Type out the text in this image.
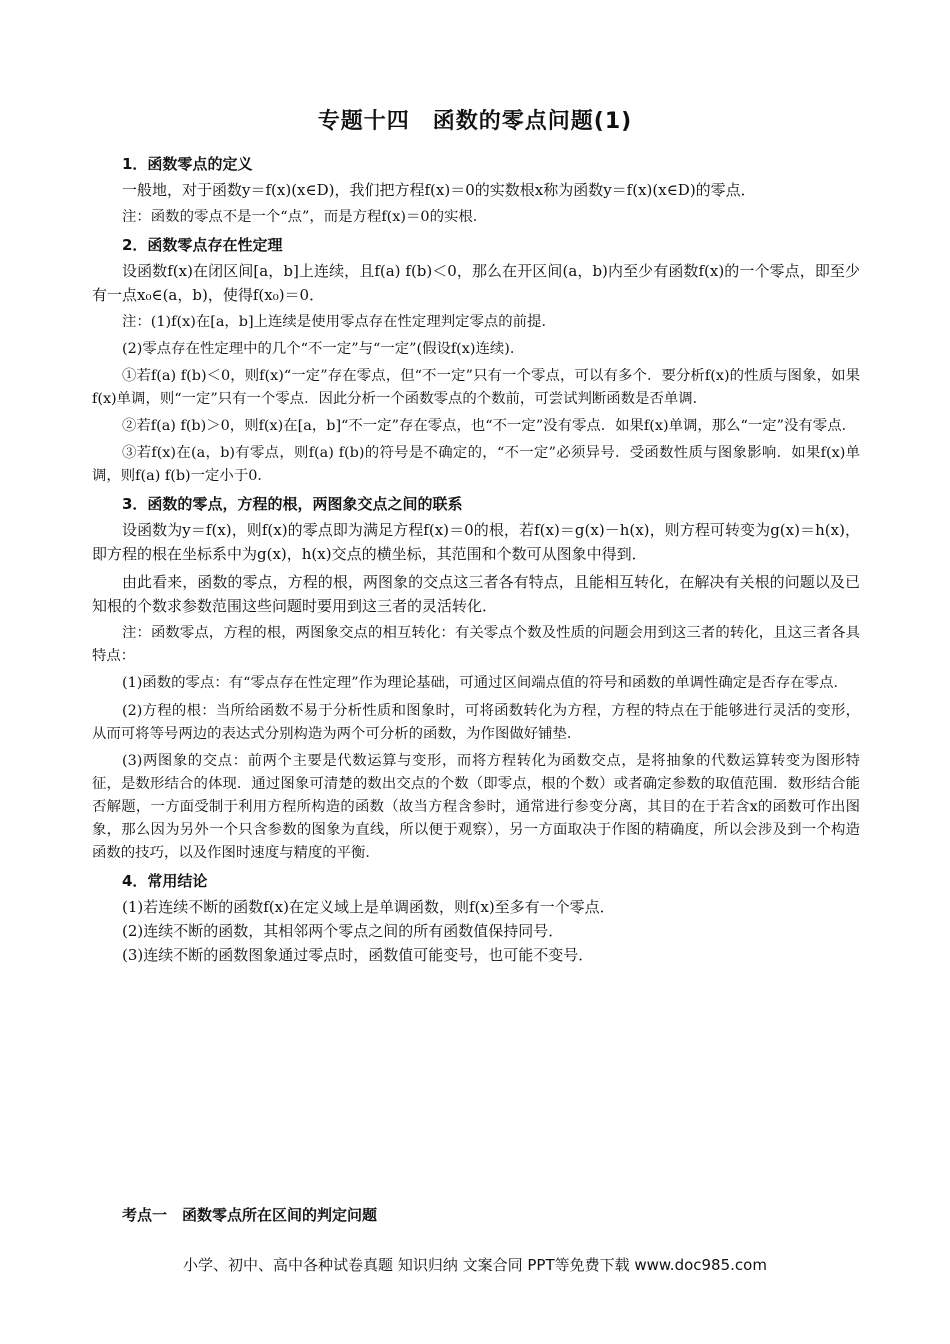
专题十四　函数的零点问题(1)

1．函数零点的定义

一般地，对于函数y＝f(x)(x∈D)，我们把方程f(x)＝0的实数根x称为函数y＝f(x)(x∈D)的零点．

注：函数的零点不是一个“点”，而是方程f(x)＝0的实根．

2．函数零点存在性定理

设函数f(x)在闭区间[a，b]上连续，且f(a) f(b)＜0，那么在开区间(a，b)内至少有函数f(x)的一个零点，即至少有一点x₀∈(a，b)，使得f(x₀)＝0．

注：(1)f(x)在[a，b]上连续是使用零点存在性定理判定零点的前提．

(2)零点存在性定理中的几个“不一定”与“一定”(假设f(x)连续)．

①若f(a) f(b)＜0，则f(x)“一定”存在零点，但“不一定”只有一个零点，可以有多个．要分析f(x)的性质与图象，如果f(x)单调，则“一定”只有一个零点．因此分析一个函数零点的个数前，可尝试判断函数是否单调．

②若f(a) f(b)＞0，则f(x)在[a，b]“不一定”存在零点，也“不一定”没有零点．如果f(x)单调，那么“一定”没有零点．

③若f(x)在(a，b)有零点，则f(a) f(b)的符号是不确定的，“不一定”必须异号．受函数性质与图象影响．如果f(x)单调，则f(a) f(b)一定小于0．

3．函数的零点，方程的根，两图象交点之间的联系

设函数为y＝f(x)，则f(x)的零点即为满足方程f(x)＝0的根，若f(x)＝g(x)－h(x)，则方程可转变为g(x)＝h(x)，即方程的根在坐标系中为g(x)，h(x)交点的横坐标，其范围和个数可从图象中得到．

由此看来，函数的零点，方程的根，两图象的交点这三者各有特点，且能相互转化，在解决有关根的问题以及已知根的个数求参数范围这些问题时要用到这三者的灵活转化．

注：函数零点，方程的根，两图象交点的相互转化：有关零点个数及性质的问题会用到这三者的转化，且这三者各具特点：

(1)函数的零点：有“零点存在性定理”作为理论基础，可通过区间端点值的符号和函数的单调性确定是否存在零点．

(2)方程的根：当所给函数不易于分析性质和图象时，可将函数转化为方程，方程的特点在于能够进行灵活的变形，从而可将等号两边的表达式分别构造为两个可分析的函数，为作图做好铺垫．

(3)两图象的交点：前两个主要是代数运算与变形，而将方程转化为函数交点，是将抽象的代数运算转变为图形特征，是数形结合的体现．通过图象可清楚的数出交点的个数（即零点，根的个数）或者确定参数的取值范围．数形结合能否解题，一方面受制于利用方程所构造的函数（故当方程含参时，通常进行参变分离，其目的在于若含x的函数可作出图象，那么因为另外一个只含参数的图象为直线，所以便于观察），另一方面取决于作图的精确度，所以会涉及到一个构造函数的技巧，以及作图时速度与精度的平衡．

4．常用结论

(1)若连续不断的函数f(x)在定义域上是单调函数，则f(x)至多有一个零点．

(2)连续不断的函数，其相邻两个零点之间的所有函数值保持同号．

(3)连续不断的函数图象通过零点时，函数值可能变号，也可能不变号．

考点一　函数零点所在区间的判定问题
小学、初中、高中各种试卷真题 知识归纳 文案合同 PPT等免费下载 www.doc985.com
